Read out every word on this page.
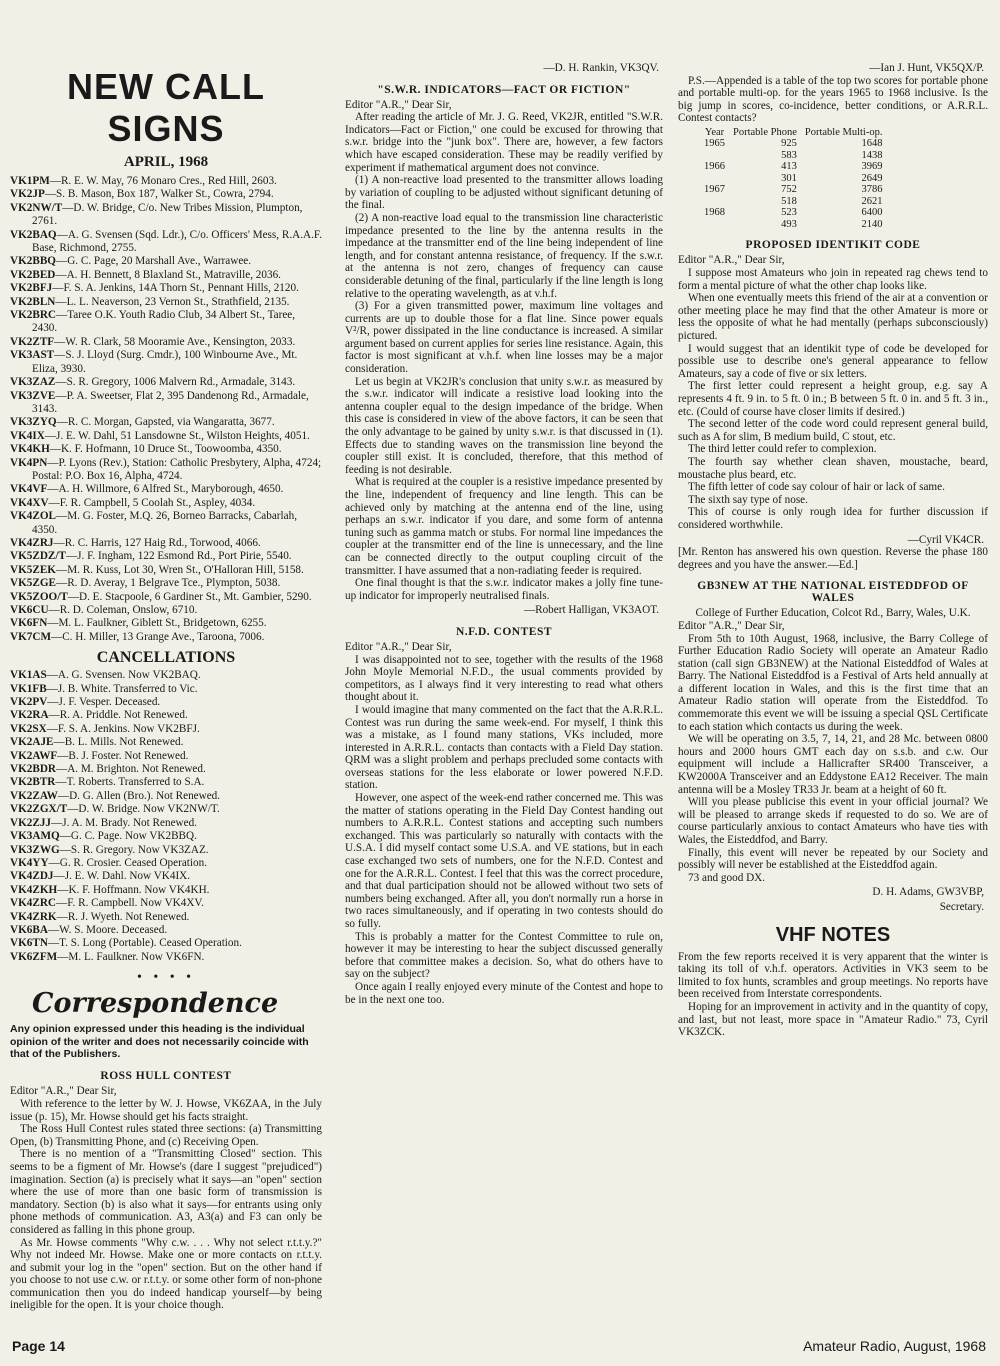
NEW CALL SIGNS
APRIL, 1968
VK1PM—R. E. W. May, 76 Monaro Cres., Red Hill, 2603.
VK2JP—S. B. Mason, Box 187, Walker St., Cowra, 2794.
VK2NW/T—D. W. Bridge, C/o. New Tribes Mission, Plumpton, 2761.
VK2BAQ—A. G. Svensen (Sqd. Ldr.), C/o. Officers' Mess, R.A.A.F. Base, Richmond, 2755.
VK2BBQ—G. C. Page, 20 Marshall Ave., Warrawee.
VK2BED—A. H. Bennett, 8 Blaxland St., Matraville, 2036.
VK2BFJ—F. S. A. Jenkins, 14A Thorn St., Pennant Hills, 2120.
VK2BLN—L. L. Neaverson, 23 Vernon St., Strathfield, 2135.
VK2BRC—Taree O.K. Youth Radio Club, 34 Albert St., Taree, 2430.
VK2ZTF—W. R. Clark, 58 Mooramie Ave., Kensington, 2033.
VK3AST—S. J. Lloyd (Surg. Cmdr.), 100 Winbourne Ave., Mt. Eliza, 3930.
VK3ZAZ—S. R. Gregory, 1006 Malvern Rd., Armadale, 3143.
VK3ZVE—P. A. Sweetser, Flat 2, 395 Dandenong Rd., Armadale, 3143.
VK3ZYQ—R. C. Morgan, Gapsted, via Wangaratta, 3677.
VK4IX—J. E. W. Dahl, 51 Lansdowne St., Wilston Heights, 4051.
VK4KH—K. F. Hofmann, 10 Druce St., Toowoomba, 4350.
VK4PN—P. Lyons (Rev.), Station: Catholic Presbytery, Alpha, 4724; Postal: P.O. Box 16, Alpha, 4724.
VK4VF—A. H. Willmore, 6 Alfred St., Maryborough, 4650.
VK4XV—F. R. Campbell, 5 Coolah St., Aspley, 4034.
VK4ZOL—M. G. Foster, M.Q. 26, Borneo Barracks, Cabarlah, 4350.
VK4ZRJ—R. C. Harris, 127 Haig Rd., Torwood, 4066.
VK5ZDZ/T—J. F. Ingham, 122 Esmond Rd., Port Pirie, 5540.
VK5ZEK—M. R. Kuss, Lot 30, Wren St., O'Halloran Hill, 5158.
VK5ZGE—R. D. Averay, 1 Belgrave Tce., Plympton, 5038.
VK5ZOO/T—D. E. Stacpoole, 6 Gardiner St., Mt. Gambier, 5290.
VK6CU—R. D. Coleman, Onslow, 6710.
VK6FN—M. L. Faulkner, Giblett St., Bridgetown, 6255.
VK7CM—C. H. Miller, 13 Grange Ave., Taroona, 7006.
CANCELLATIONS
VK1AS—A. G. Svensen. Now VK2BAQ.
VK1FB—J. B. White. Transferred to Vic.
VK2PV—J. F. Vesper. Deceased.
VK2RA—R. A. Priddle. Not Renewed.
VK2SX—F. S. A. Jenkins. Now VK2BFJ.
VK2AJE—B. L. Mills. Not Renewed.
VK2AWF—B. J. Foster. Not Renewed.
VK2BDR—A. M. Brighton. Not Renewed.
VK2BTR—T. Roberts. Transferred to S.A.
VK2ZAW—D. G. Allen (Bro.). Not Renewed.
VK2ZGX/T—D. W. Bridge. Now VK2NW/T.
VK2ZJJ—J. A. M. Brady. Not Renewed.
VK3AMQ—G. C. Page. Now VK2BBQ.
VK3ZWG—S. R. Gregory. Now VK3ZAZ.
VK4YY—G. R. Crosier. Ceased Operation.
VK4ZDJ—J. E. W. Dahl. Now VK4IX.
VK4ZKH—K. F. Hoffmann. Now VK4KH.
VK4ZRC—F. R. Campbell. Now VK4XV.
VK4ZRK—R. J. Wyeth. Not Renewed.
VK6BA—W. S. Moore. Deceased.
VK6TN—T. S. Long (Portable). Ceased Operation.
VK6ZFM—M. L. Faulkner. Now VK6FN.
• • • •
Correspondence
Any opinion expressed under this heading is the individual opinion of the writer and does not necessarily coincide with that of the Publishers.
ROSS HULL CONTEST
Editor "A.R.," Dear Sir,
With reference to the letter by W. J. Howse, VK6ZAA, in the July issue (p. 15), Mr. Howse should get his facts straight.
The Ross Hull Contest rules stated three sections: (a) Transmitting Open, (b) Transmitting Phone, and (c) Receiving Open.
There is no mention of a "Transmitting Closed" section. This seems to be a figment of Mr. Howse's (dare I suggest "prejudiced") imagination. Section (a) is precisely what it says—an "open" section where the use of more than one basic form of transmission is mandatory. Section (b) is also what it says—for entrants using only phone methods of communication. A3, A3(a) and F3 can only be considered as falling in this phone group.
As Mr. Howse comments "Why c.w. . . . Why not select r.t.t.y.?" Why not indeed Mr. Howse. Make one or more contacts on r.t.t.y. and submit your log in the "open" section. But on the other hand if you choose to not use c.w. or r.t.t.y. or some other form of non-phone communication then you do indeed handicap yourself—by being ineligible for the open. It is your choice though.
—D. H. Rankin, VK3QV.
"S.W.R. INDICATORS—FACT OR FICTION"
Editor "A.R.," Dear Sir,
After reading the article of Mr. J. G. Reed, VK2JR, entitled "S.W.R. Indicators—Fact or Fiction," one could be excused for throwing that s.w.r. bridge into the "junk box". There are, however, a few factors which have escaped consideration. These may be readily verified by experiment if mathematical argument does not convince.
(1) A non-reactive load presented to the transmitter allows loading by variation of coupling to be adjusted without significant detuning of the final.
(2) A non-reactive load equal to the transmission line characteristic impedance presented to the line by the antenna results in the impedance at the transmitter end of the line being independent of line length, and for constant antenna resistance, of frequency. If the s.w.r. at the antenna is not zero, changes of frequency can cause considerable detuning of the final, particularly if the line length is long relative to the operating wavelength, as at v.h.f.
(3) For a given transmitted power, maximum line voltages and currents are up to double those for a flat line. Since power equals V²/R, power dissipated in the line conductance is increased. A similar argument based on current applies for series line resistance. Again, this factor is most significant at v.h.f. when line losses may be a major consideration.
Let us begin at VK2JR's conclusion that unity s.w.r. as measured by the s.w.r. indicator will indicate a resistive load looking into the antenna coupler equal to the design impedance of the bridge. When this case is considered in view of the above factors, it can be seen that the only advantage to be gained by unity s.w.r. is that discussed in (1). Effects due to standing waves on the transmission line beyond the coupler still exist. It is concluded, therefore, that this method of feeding is not desirable.
What is required at the coupler is a resistive impedance presented by the line, independent of frequency and line length. This can be achieved only by matching at the antenna end of the line, using perhaps an s.w.r. indicator if you dare, and some form of antenna tuning such as gamma match or stubs. For normal line impedances the coupler at the transmitter end of the line is unnecessary, and the line can be connected directly to the output coupling circuit of the transmitter. I have assumed that a non-radiating feeder is required.
One final thought is that the s.w.r. indicator makes a jolly fine tune-up indicator for improperly neutralised finals.
—Robert Halligan, VK3AOT.
N.F.D. CONTEST
Editor "A.R.," Dear Sir,
I was disappointed not to see, together with the results of the 1968 John Moyle Memorial N.F.D., the usual comments provided by competitors, as I always find it very interesting to read what others thought about it.
I would imagine that many commented on the fact that the A.R.R.L. Contest was run during the same week-end. For myself, I think this was a mistake, as I found many stations, VKs included, more interested in A.R.R.L. contacts than contacts with a Field Day station. QRM was a slight problem and perhaps precluded some contacts with overseas stations for the less elaborate or lower powered N.F.D. station.
However, one aspect of the week-end rather concerned me. This was the matter of stations operating in the Field Day Contest handing out numbers to A.R.R.L. Contest stations and accepting such numbers exchanged. This was particularly so naturally with contacts with the U.S.A. I did myself contact some U.S.A. and VE stations, but in each case exchanged two sets of numbers, one for the N.F.D. Contest and one for the A.R.R.L. Contest. I feel that this was the correct procedure, and that dual participation should not be allowed without two sets of numbers being exchanged. After all, you don't normally run a horse in two races simultaneously, and if operating in two contests should do so fully.
This is probably a matter for the Contest Committee to rule on, however it may be interesting to hear the subject discussed generally before that committee makes a decision. So, what do others have to say on the subject?
Once again I really enjoyed every minute of the Contest and hope to be in the next one too.
—Ian J. Hunt, VK5QX/P.
P.S.—Appended is a table of the top two scores for portable phone and portable multi-op. for the years 1965 to 1968 inclusive. Is the big jump in scores, co-incidence, better conditions, or A.R.R.L. Contest contacts?
Year	Portable Phone	Portable Multi-op.
1965	925	1648
	583	1438
1966	413	3969
	301	2649
1967	752	3786
	518	2621
1968	523	6400
	493	2140
PROPOSED IDENTIKIT CODE
Editor "A.R.," Dear Sir,
I suppose most Amateurs who join in repeated rag chews tend to form a mental picture of what the other chap looks like.
When one eventually meets this friend of the air at a convention or other meeting place he may find that the other Amateur is more or less the opposite of what he had mentally (perhaps subconsciously) pictured.
I would suggest that an identikit type of code be developed for possible use to describe one's general appearance to fellow Amateurs, say a code of five or six letters.
The first letter could represent a height group, e.g. say A represents 4 ft. 9 in. to 5 ft. 0 in.; B between 5 ft. 0 in. and 5 ft. 3 in., etc. (Could of course have closer limits if desired.)
The second letter of the code word could represent general build, such as A for slim, B medium build, C stout, etc.
The third letter could refer to complexion.
The fourth say whether clean shaven, moustache, beard, moustache plus beard, etc.
The fifth letter of code say colour of hair or lack of same.
The sixth say type of nose.
This of course is only rough idea for further discussion if considered worthwhile.
—Cyril VK4CR.
[Mr. Renton has answered his own question. Reverse the phase 180 degrees and you have the answer.—Ed.]
GB3NEW AT THE NATIONAL EISTEDDFOD OF WALES
College of Further Education, Colcot Rd., Barry, Wales, U.K.
Editor "A.R.," Dear Sir,
From 5th to 10th August, 1968, inclusive, the Barry College of Further Education Radio Society will operate an Amateur Radio station (call sign GB3NEW) at the National Eisteddfod of Wales at Barry. The National Eisteddfod is a Festival of Arts held annually at a different location in Wales, and this is the first time that an Amateur Radio station will operate from the Eisteddfod. To commemorate this event we will be issuing a special QSL Certificate to each station which contacts us during the week.
We will be operating on 3.5, 7, 14, 21, and 28 Mc. between 0800 hours and 2000 hours GMT each day on s.s.b. and c.w. Our equipment will include a Hallicrafter SR400 Transceiver, a KW2000A Transceiver and an Eddystone EA12 Receiver. The main antenna will be a Mosley TR33 Jr. beam at a height of 60 ft.
Will you please publicise this event in your official journal? We will be pleased to arrange skeds if requested to do so. We are of course particularly anxious to contact Amateurs who have ties with Wales, the Eisteddfod, and Barry.
Finally, this event will never be repeated by our Society and possibly will never be established at the Eisteddfod again.
73 and good DX.
D. H. Adams, GW3VBP,
Secretary.
VHF NOTES
From the few reports received it is very apparent that the winter is taking its toll of v.h.f. operators. Activities in VK3 seem to be limited to fox hunts, scrambles and group meetings. No reports have been received from Interstate correspondents.
Hoping for an improvement in activity and in the quantity of copy, and last, but not least, more space in "Amateur Radio." 73, Cyril VK3ZCK.
Page 14	Amateur Radio, August, 1968
